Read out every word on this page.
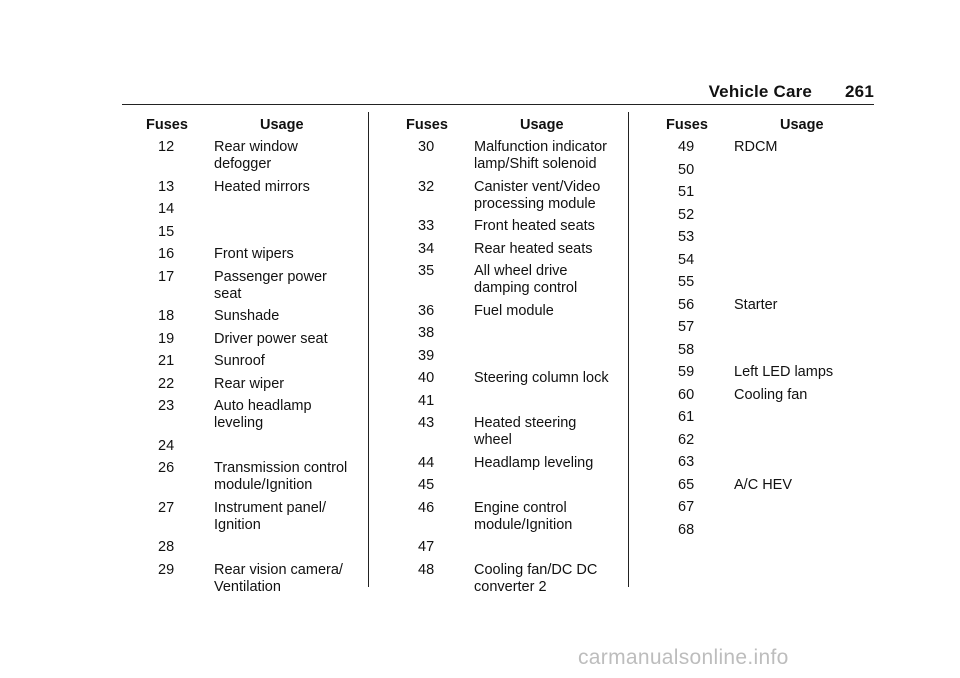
Vehicle Care 261
Fuses	Usage
12	Rear window defogger
13	Heated mirrors
14
15
16	Front wipers
17	Passenger power seat
18	Sunshade
19	Driver power seat
21	Sunroof
22	Rear wiper
23	Auto headlamp leveling
24
26	Transmission control module/Ignition
27	Instrument panel/ Ignition
28
29	Rear vision camera/ Ventilation
Fuses	Usage
30	Malfunction indicator lamp/Shift solenoid
32	Canister vent/Video processing module
33	Front heated seats
34	Rear heated seats
35	All wheel drive damping control
36	Fuel module
38
39
40	Steering column lock
41
43	Heated steering wheel
44	Headlamp leveling
45
46	Engine control module/Ignition
47
48	Cooling fan/DC DC converter 2
Fuses	Usage
49	RDCM
50
51
52
53
54
55
56	Starter
57
58
59	Left LED lamps
60	Cooling fan
61
62
63
65	A/C HEV
67
68
carmanualsonline.info
